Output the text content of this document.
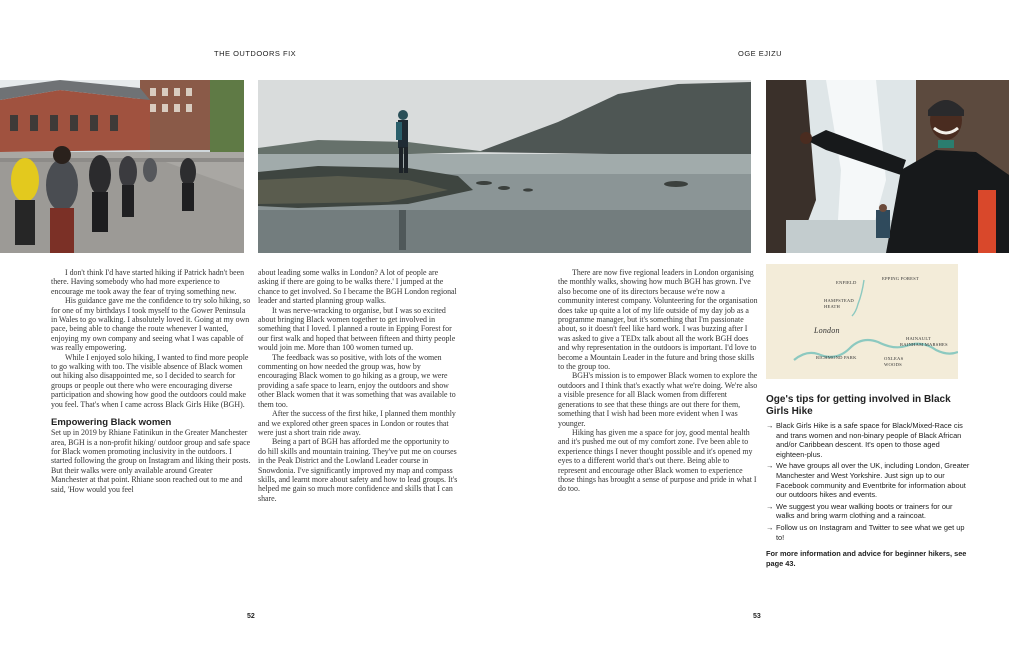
THE OUTDOORS FIX	OGE EJIZU

I don't think I'd have started hiking if Patrick hadn't been there. Having somebody who had more experience to encourage me took away the fear of trying something new.

His guidance gave me the confidence to try solo hiking, so for one of my birthdays I took myself to the Gower Peninsula in Wales to go walking. I absolutely loved it. Going at my own pace, being able to change the route whenever I wanted, enjoying my own company and seeing what I was capable of was really empowering.

While I enjoyed solo hiking, I wanted to find more people to go walking with too. The visible absence of Black women out hiking also disappointed me, so I decided to search for groups or people out there who were encouraging diverse participation and showing how good the outdoors could make you feel. That's when I came across Black Girls Hike (BGH).

Empowering Black women

Set up in 2019 by Rhiane Fatinikun in the Greater Manchester area, BGH is a non-profit hiking/ outdoor group and safe space for Black women promoting inclusivity in the outdoors. I started following the group on Instagram and liking their posts. But their walks were only available around Greater Manchester at that point. Rhiane soon reached out to me and said, 'How would you feel

about leading some walks in London? A lot of people are asking if there are going to be walks there.' I jumped at the chance to get involved. So I became the BGH London regional leader and started planning group walks.

It was nerve-wracking to organise, but I was so excited about bringing Black women together to get involved in something that I loved. I planned a route in Epping Forest for our first walk and hoped that between fifteen and thirty people would join me. More than 100 women turned up.

The feedback was so positive, with lots of the women commenting on how needed the group was, how by encouraging Black women to go hiking as a group, we were providing a safe space to learn, enjoy the outdoors and show other Black women that it was something that was available to them too.

After the success of the first hike, I planned them monthly and we explored other green spaces in London or routes that were just a short train ride away.

Being a part of BGH has afforded me the opportunity to do hill skills and mountain training. They've put me on courses in the Peak District and the Lowland Leader course in Snowdonia. I've significantly improved my map and compass skills, and learnt more about safety and how to lead groups. It's helped me gain so much more confidence and skills that I can share.

There are now five regional leaders in London organising the monthly walks, showing how much BGH has grown. I've also become one of its directors because we're now a community interest company. Volunteering for the organisation does take up quite a lot of my life outside of my day job as a programme manager, but it's something that I'm passionate about, so it doesn't feel like hard work. I was buzzing after I was asked to give a TEDx talk about all the work BGH does and why representation in the outdoors is important. I'd love to become a Mountain Leader in the future and bring those skills to the group too.

BGH's mission is to empower Black women to explore the outdoors and I think that's exactly what we're doing. We're also a visible presence for all Black women from different generations to see that these things are out there for them, something that I wish had been more evident when I was younger.

Hiking has given me a space for joy, good mental health and it's pushed me out of my comfort zone. I've been able to experience things I never thought possible and it's opened my eyes to a different world that's out there. Being able to represent and encourage other Black women to experience those things has brought a sense of purpose and pride in what I do too.

ENFIELD
EPPING FOREST
HAMPSTEAD HEATH
London
RICHMOND PARK
HAINAULT
RAINHAM MARSHES
OXLEAS WOODS
Oge's tips for getting involved in Black Girls Hike
→ Black Girls Hike is a safe space for Black/Mixed-Race cis and trans women and non-binary people of Black African and/or Caribbean descent. It's open to those aged eighteen-plus.
→ We have groups all over the UK, including London, Greater Manchester and West Yorkshire. Just sign up to our Facebook community and Eventbrite for information about our outdoors hikes and events.
→ We suggest you wear walking boots or trainers for our walks and bring warm clothing and a raincoat.
→ Follow us on Instagram and Twitter to see what we get up to!
For more information and advice for beginner hikers, see page 43.
52	53
